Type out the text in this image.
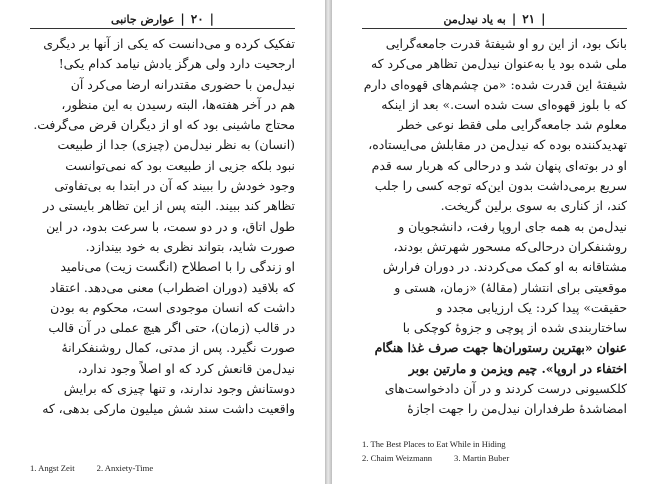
|
۲۰
|
عوارض جانبی
تفکیک کرده و می‌دانست که یکی از آنها بر دیگری
ارجحیت دارد ولی هرگز یادش نیامد کدام یکی!
نیدل‌من با حضوری مقتدرانه ارضا می‌کرد آن
هم در آخر هفته‌ها، البته رسیدن به این منظور،
محتاج ماشینی بود که او از دیگران قرض می‌گرفت.
(انسان) به نظر نیدل‌من (چیزی) جدا از طبیعت
نبود بلکه جزیی از طبیعت بود که نمی‌توانست
وجود خودش را ببیند که آن‌ در ابتدا به بی‌تفاوتی
تظاهر کند ببیند. البته پس از این تظاهر بایستی در
طول اتاق، و در دو سمت، با سرعت بدود، در این
صورت شاید، بتواند نظری به خود بیندازد.
او زندگی را با اصطلاح (انگست زیت) می‌نامید
که بلاقید (دوران اضطراب) معنی می‌دهد. اعتقاد
داشت که انسان موجودی است، محکوم به بودن
در قالب (زمان)، حتی اگر هیچ عملی در آن قالب
صورت نگیرد. پس از مدتی، کمال روشنفکرانهٔ
نیدل‌من قانعش کرد که او اصلاً وجود ندارد،
دوستانش وجود ندارند، و تنها چیزی که برایش
واقعیت داشت سند شش میلیون مارکی بدهی، که
1. Angst Zeit	2. Anxiety-Time
|
۲۱
|
به یاد نیدل‌من
بانک بود، از این رو او شیفتهٔ قدرت جامعه‌گرایی
ملی شده بود یا به‌عنوان نیدل‌من تظاهر می‌کرد که
شیفتهٔ این قدرت شده: «من چشم‌های قهوه‌ای دارم
که با بلوز قهوه‌ای ست شده است.» بعد از اینکه
معلوم شد جامعه‌گرایی ملی فقط نوعی خطر
تهدیدکننده بوده که نیدل‌من در مقابلش می‌ایستاده،
او در بوته‌ای پنهان شد و درحالی که هربار سه قدم
سریع برمی‌داشت بدون این‌که توجه کسی را جلب
کند، از کناری به سوی برلین گریخت.
نیدل‌من به همه جای اروپا رفت، دانشجویان و
روشنفکران درحالی‌که مسحور شهرتش بودند،
مشتاقانه به او کمک می‌کردند. در دوران فرارش
موقعیتی برای انتشار (مقالهٔ) «زمان، هستی و
حقیقت» پیدا کرد: یک ارزیابی مجدد و
ساختاربندی شده از پوچی و جزوهٔ کوچکی با
عنوان «بهترین رستوران‌ها جهت صرف غذا هنگام
اختفاء در اروپا». چیم ویزمن و مارتین بوبر
کلکسیونی درست کردند و در آن دادخواست‌های
امضاشدهٔ طرفداران نیدل‌من را جهت اجازهٔ
1. The Best Places to Eat While in Hiding
2. Chaim Weizmann	3. Martin Buber
